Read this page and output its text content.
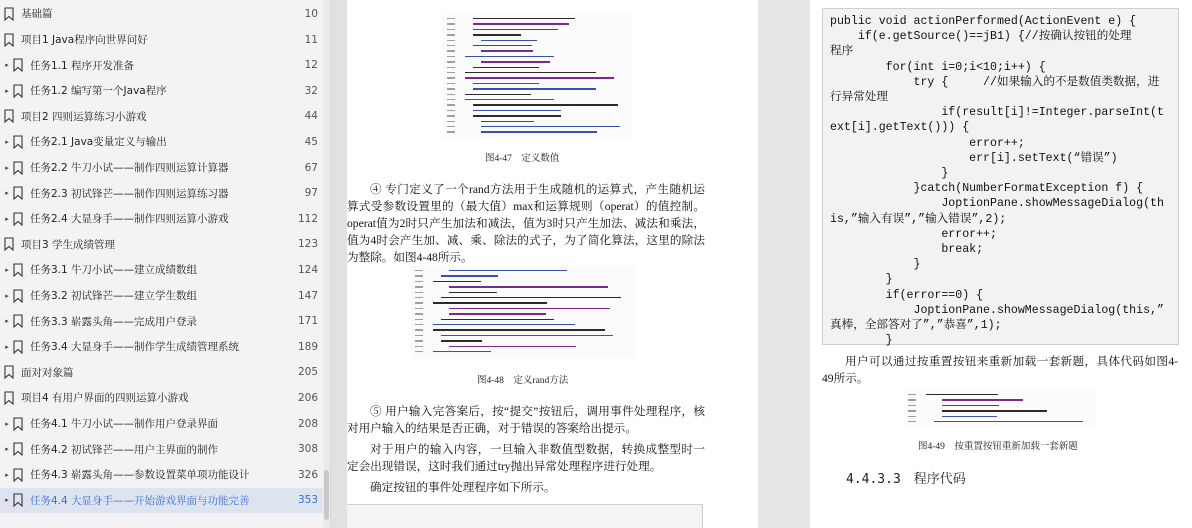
基础篇	10
项目1 Java程序向世界问好	11
▸ 任务1.1 程序开发准备	12
▸ 任务1.2 编写第一个Java程序	32
项目2 四则运算练习小游戏	44
▸ 任务2.1 Java变量定义与输出	45
▸ 任务2.2 牛刀小试——制作四则运算计算器	67
▸ 任务2.3 初试锋芒——制作四则运算练习器	97
▸ 任务2.4 大显身手——制作四则运算小游戏	112
项目3 学生成绩管理	123
▸ 任务3.1 牛刀小试——建立成绩数组	124
▸ 任务3.2 初试锋芒——建立学生数组	147
▸ 任务3.3 崭露头角——完成用户登录	171
▸ 任务3.4 大显身手——制作学生成绩管理系统	189
面对对象篇	205
项目4 有用户界面的四则运算小游戏	206
▸ 任务4.1 牛刀小试——制作用户登录界面	208
▸ 任务4.2 初试锋芒——用户主界面的制作	308
▸ 任务4.3 崭露头角——参数设置菜单项功能设计	326
▸ 任务4.4 大显身手——开始游戏界面与功能完善	353
图4-47　定义数值

④ 专门定义了一个rand方法用于生成随机的运算式，产生随机运算式受参数设置里的（最大值）max和运算规则（operat）的值控制。operat值为2时只产生加法和减法，值为3时只产生加法、减法和乘法，值为4时会产生加、减、乘、除法的式子，为了简化算法，这里的除法为整除。如图4-48所示。

图4-48　定义rand方法

⑤ 用户输入完答案后，按“提交”按钮后，调用事件处理程序，核对用户输入的结果是否正确，对于错误的答案给出提示。

对于用户的输入内容，一旦输入非数值型数据，转换成整型时一定会出现错误，这时我们通过try抛出异常处理程序进行处理。

确定按钮的事件处理程序如下所示。

public void actionPerformed(ActionEvent e) {
if(e.getSource()==jB1) {//按确认按钮的处理
程序
for(int i=0;i<10;i++) {
try {     //如果输入的不是数值类数据，进
行异常处理
if(result[i]!=Integer.parseInt(t
ext[i].getText())) {
error++;
err[i].setText(“错误”)
}
}catch(NumberFormatException f) {
JoptionPane.showMessageDialog(th
is,”输入有误”,”输入错误”,2);
error++;
break;
}
}
if(error==0) {
JoptionPane.showMessageDialog(this,”
真棒，全部答对了”,”恭喜”,1);
}

用户可以通过按重置按钮来重新加载一套新题，具体代码如图4-49所示。

图4-49　按重置按钮重新加载一套新题
4.4.3.3　程序代码
